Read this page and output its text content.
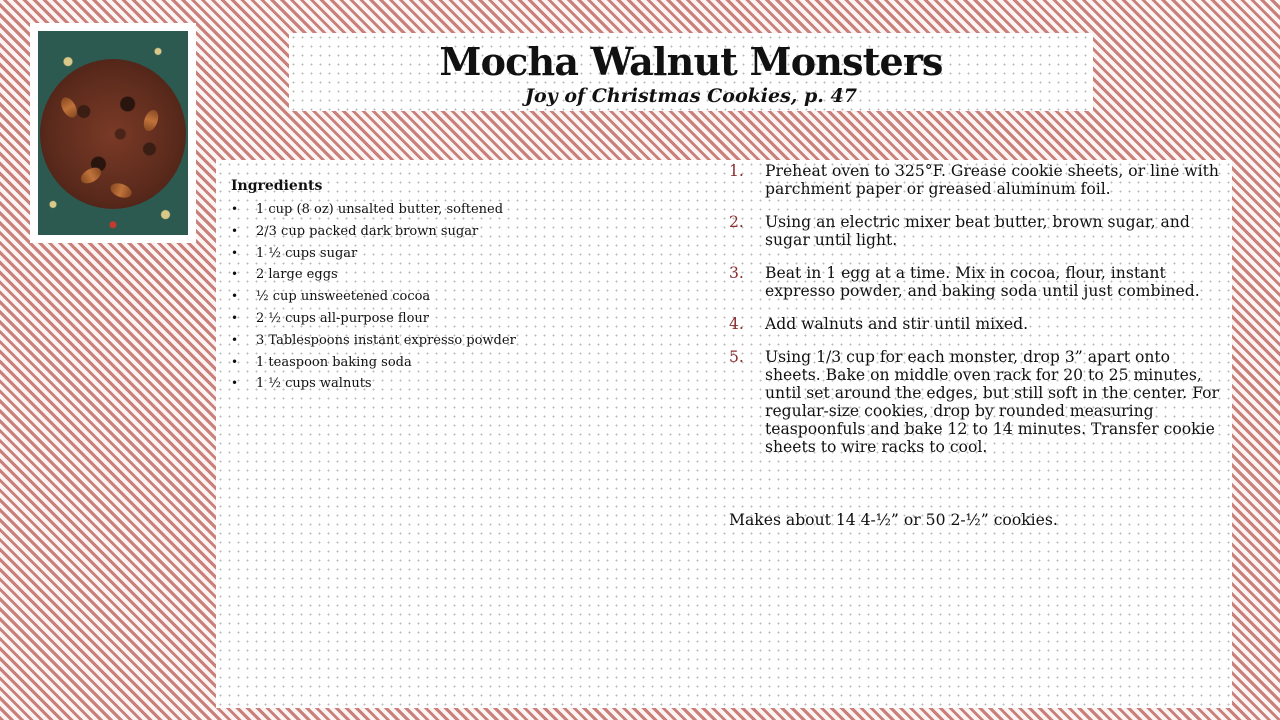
Mocha Walnut Monsters
Joy of Christmas Cookies, p. 47
Ingredients
• 1 cup (8 oz) unsalted butter, softened
• 2/3 cup packed dark brown sugar
• 1 ½ cups sugar
• 2 large eggs
• ½ cup unsweetened cocoa
• 2 ½ cups all-purpose flour
• 3 Tablespoons instant expresso powder
• 1 teaspoon baking soda
• 1 ½ cups walnuts
1. Preheat oven to 325°F. Grease cookie sheets, or line with parchment paper or greased aluminum foil.
2. Using an electric mixer beat butter, brown sugar, and sugar until light.
3. Beat in 1 egg at a time. Mix in cocoa, flour, instant expresso powder, and baking soda until just combined.
4. Add walnuts and stir until mixed.
5. Using 1/3 cup for each monster, drop 3” apart onto sheets. Bake on middle oven rack for 20 to 25 minutes, until set around the edges, but still soft in the center. For regular-size cookies, drop by rounded measuring teaspoonfuls and bake 12 to 14 minutes. Transfer cookie sheets to wire racks to cool.
Makes about 14 4-½” or 50 2-½” cookies.
